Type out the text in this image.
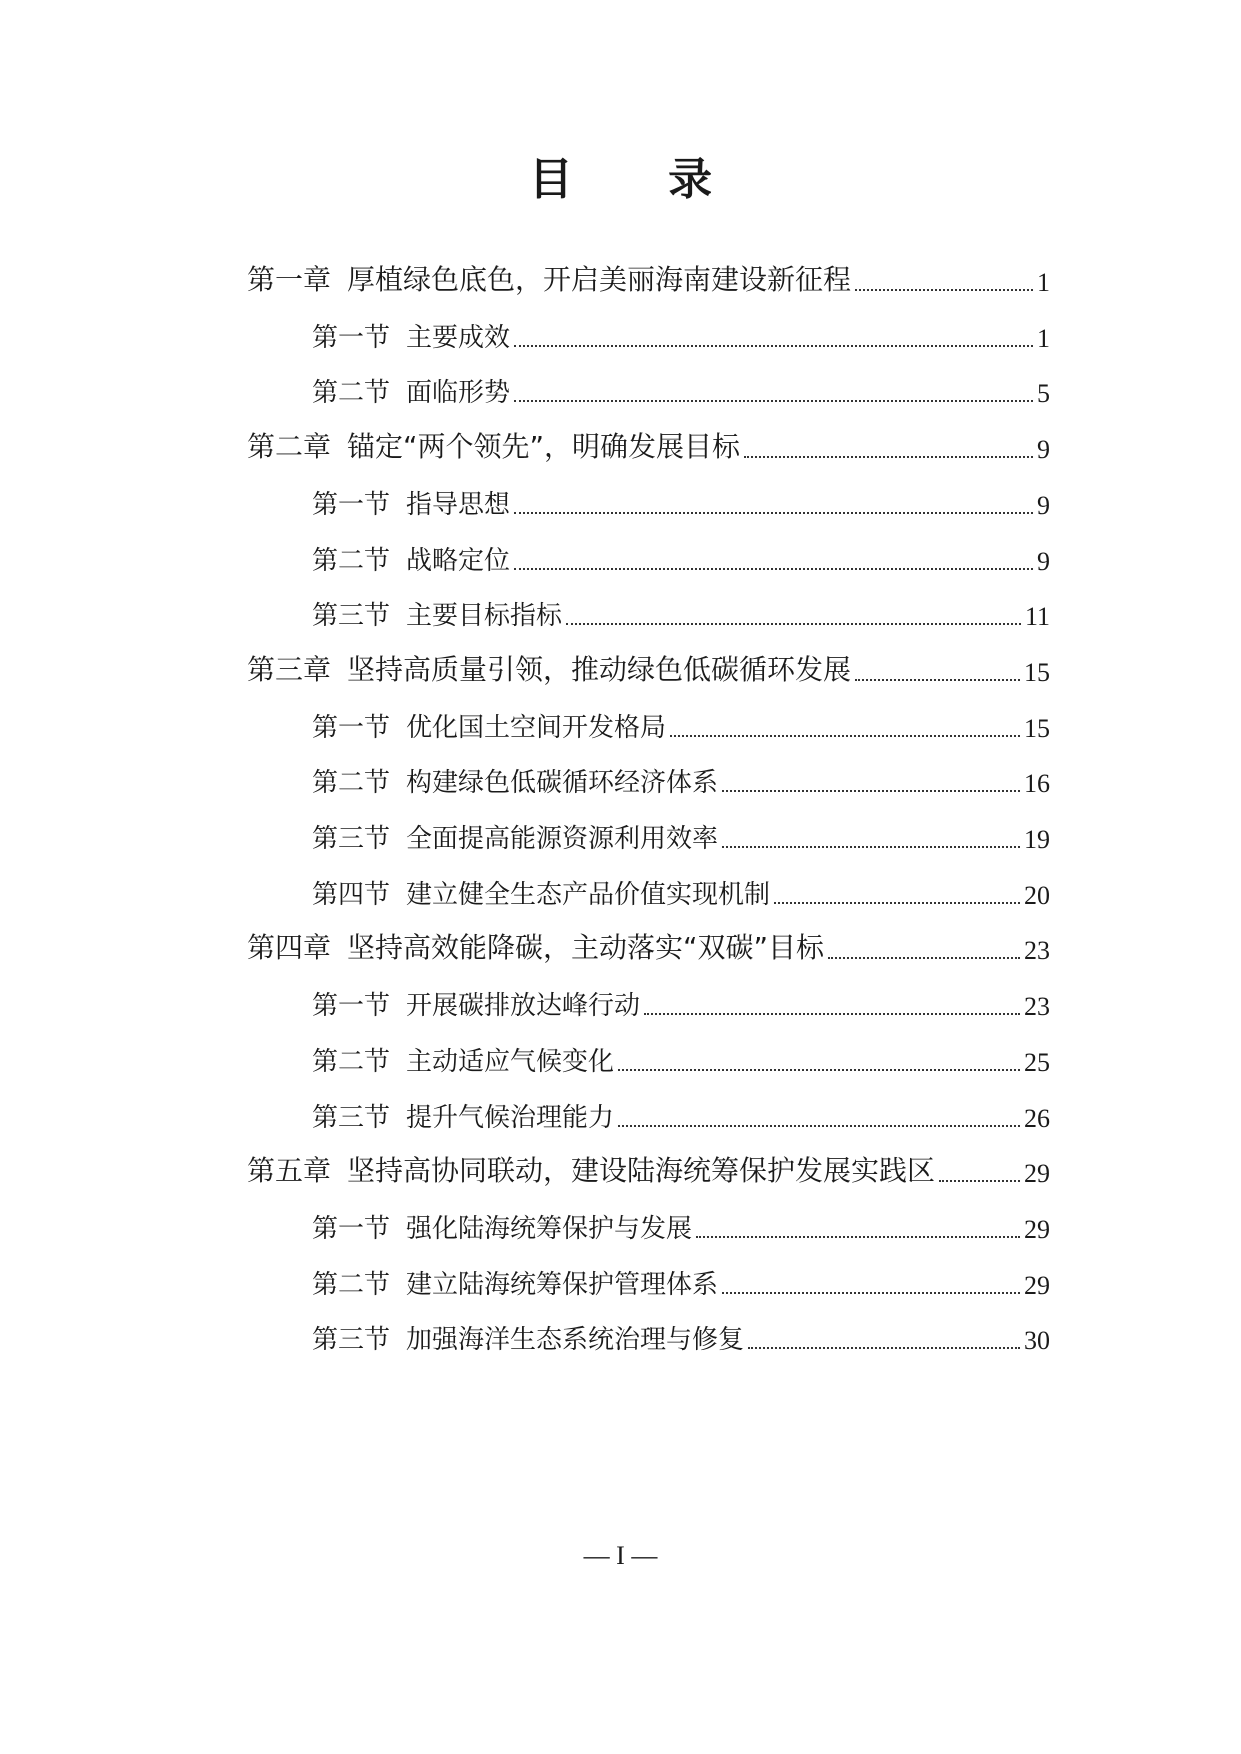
目 录
第一章 厚植绿色底色，开启美丽海南建设新征程	1
第一节 主要成效	1
第二节 面临形势	5
第二章 锚定“两个领先”，明确发展目标	9
第一节 指导思想	9
第二节 战略定位	9
第三节 主要目标指标	11
第三章 坚持高质量引领，推动绿色低碳循环发展	15
第一节 优化国土空间开发格局	15
第二节 构建绿色低碳循环经济体系	16
第三节 全面提高能源资源利用效率	19
第四节 建立健全生态产品价值实现机制	20
第四章 坚持高效能降碳，主动落实“双碳”目标	23
第一节 开展碳排放达峰行动	23
第二节 主动适应气候变化	25
第三节 提升气候治理能力	26
第五章 坚持高协同联动，建设陆海统筹保护发展实践区	29
第一节 强化陆海统筹保护与发展	29
第二节 建立陆海统筹保护管理体系	29
第三节 加强海洋生态系统治理与修复	30
— I —
